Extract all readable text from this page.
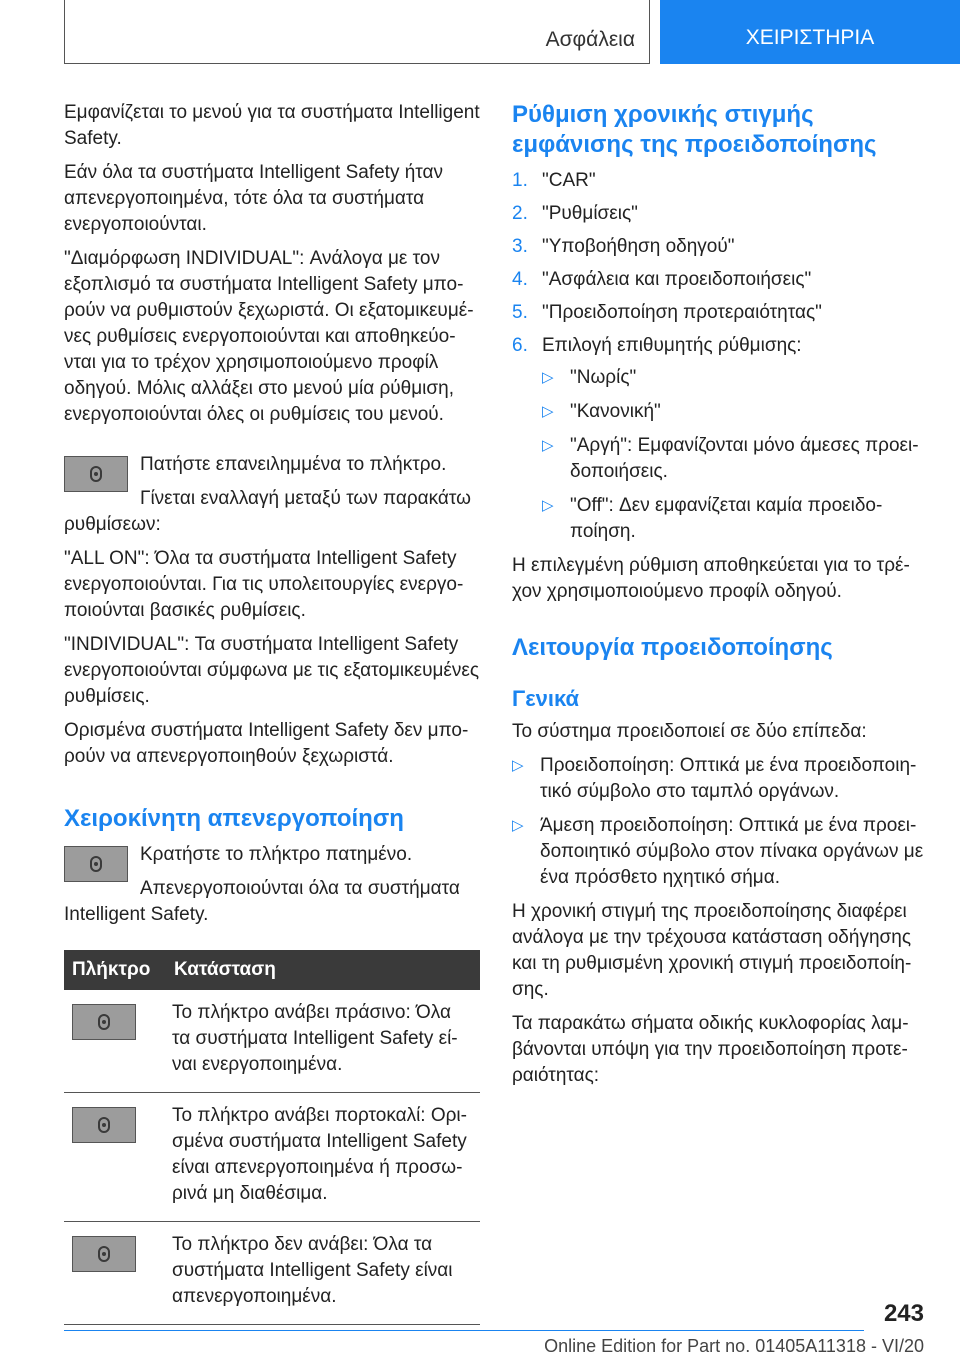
Ασφάλεια	ΧΕΙΡΙΣΤΗΡΙΑ

Εμφανίζεται το μενού για τα συστήματα Intelligent Safety.

Εάν όλα τα συστήματα Intelligent Safety ήταν απενεργοποιημένα, τότε όλα τα συστήματα ενεργοποιούνται.

"Διαμόρφωση INDIVIDUAL": Ανάλογα με τον εξοπλισμό τα συστήματα Intelligent Safety μπορούν να ρυθμιστούν ξεχωριστά. Οι εξατομικευμένες ρυθμίσεις ενεργοποιούνται και αποθηκεύονται για το τρέχον χρησιμοποιούμενο προφίλ οδηγού. Μόλις αλλάξει στο μενού μία ρύθμιση, ενεργοποιούνται όλες οι ρυθμίσεις του μενού.

Πατήστε επανειλημμένα το πλήκτρο.

Γίνεται εναλλαγή μεταξύ των παρακάτω ρυθμίσεων:

"ALL ON": Όλα τα συστήματα Intelligent Safety ενεργοποιούνται. Για τις υπολειτουργίες ενεργοποιούνται βασικές ρυθμίσεις.

"INDIVIDUAL": Τα συστήματα Intelligent Safety ενεργοποιούνται σύμφωνα με τις εξατομικευμένες ρυθμίσεις.

Ορισμένα συστήματα Intelligent Safety δεν μπορούν να απενεργοποιηθούν ξεχωριστά.

Χειροκίνητη απενεργοποίηση

Κρατήστε το πλήκτρο πατημένο.

Απενεργοποιούνται όλα τα συστήματα Intelligent Safety.

Πλήκτρο	Κατάσταση

	Το πλήκτρο ανάβει πράσινο: Όλα τα συστήματα Intelligent Safety είναι ενεργοποιημένα.

	Το πλήκτρο ανάβει πορτοκαλί: Ορισμένα συστήματα Intelligent Safety είναι απενεργοποιημένα ή προσωρινά μη διαθέσιμα.

	Το πλήκτρο δεν ανάβει: Όλα τα συστήματα Intelligent Safety είναι απενεργοποιημένα.
Ρύθμιση χρονικής στιγμής εμφάνισης της προειδοποίησης
1. "CAR"
2. "Ρυθμίσεις"
3. "Υποβοήθηση οδηγού"
4. "Ασφάλεια και προειδοποιήσεις"
5. "Προειδοποίηση προτεραιότητας"
6. Επιλογή επιθυμητής ρύθμισης:
▷ "Νωρίς"
▷ "Κανονική"
▷ "Αργή": Εμφανίζονται μόνο άμεσες προειδοποιήσεις.
▷ "Off": Δεν εμφανίζεται καμία προειδοποίηση.

Η επιλεγμένη ρύθμιση αποθηκεύεται για το τρέχον χρησιμοποιούμενο προφίλ οδηγού.

Λειτουργία προειδοποίησης
Γενικά

Το σύστημα προειδοποιεί σε δύο επίπεδα:

▷ Προειδοποίηση: Οπτικά με ένα προειδοποιητικό σύμβολο στο ταμπλό οργάνων.
▷ Άμεση προειδοποίηση: Οπτικά με ένα προειδοποιητικό σύμβολο στον πίνακα οργάνων με ένα πρόσθετο ηχητικό σήμα.

Η χρονική στιγμή της προειδοποίησης διαφέρει ανάλογα με την τρέχουσα κατάσταση οδήγησης και τη ρυθμισμένη χρονική στιγμή προειδοποίησης.

Τα παρακάτω σήματα οδικής κυκλοφορίας λαμβάνονται υπόψη για την προειδοποίηση προτεραιότητας:

243
Online Edition for Part no. 01405A11318 - VI/20
